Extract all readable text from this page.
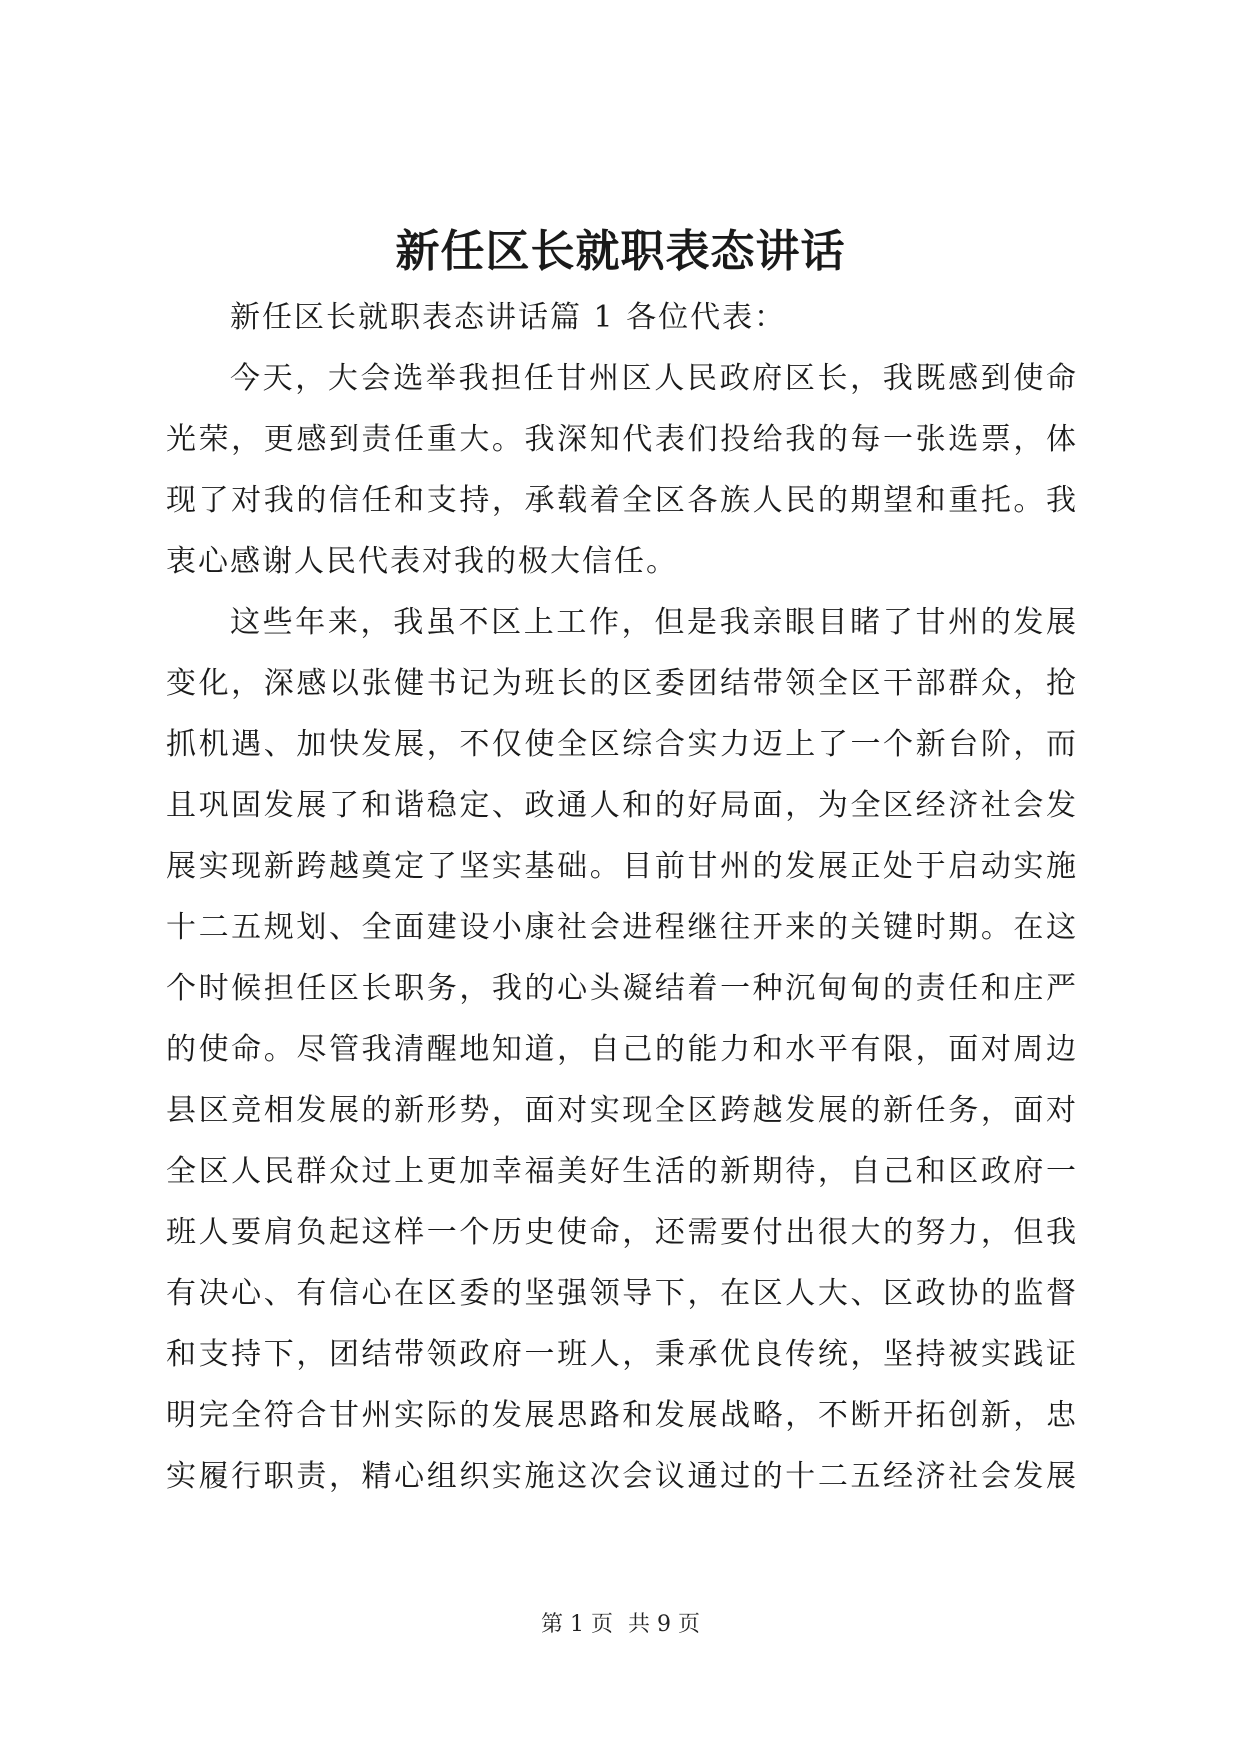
新任区长就职表态讲话
新任区长就职表态讲话篇 1 各位代表：
今天，大会选举我担任甘州区人民政府区长，我既感到使命
光荣，更感到责任重大。我深知代表们投给我的每一张选票，体
现了对我的信任和支持，承载着全区各族人民的期望和重托。我
衷心感谢人民代表对我的极大信任。
这些年来，我虽不区上工作，但是我亲眼目睹了甘州的发展
变化，深感以张健书记为班长的区委团结带领全区干部群众，抢
抓机遇、加快发展，不仅使全区综合实力迈上了一个新台阶，而
且巩固发展了和谐稳定、政通人和的好局面，为全区经济社会发
展实现新跨越奠定了坚实基础。目前甘州的发展正处于启动实施
十二五规划、全面建设小康社会进程继往开来的关键时期。在这
个时候担任区长职务，我的心头凝结着一种沉甸甸的责任和庄严
的使命。尽管我清醒地知道，自己的能力和水平有限，面对周边
县区竞相发展的新形势，面对实现全区跨越发展的新任务，面对
全区人民群众过上更加幸福美好生活的新期待，自己和区政府一
班人要肩负起这样一个历史使命，还需要付出很大的努力，但我
有决心、有信心在区委的坚强领导下，在区人大、区政协的监督
和支持下，团结带领政府一班人，秉承优良传统，坚持被实践证
明完全符合甘州实际的发展思路和发展战略，不断开拓创新，忠
实履行职责，精心组织实施这次会议通过的十二五经济社会发展
第 1 页 共 9 页
